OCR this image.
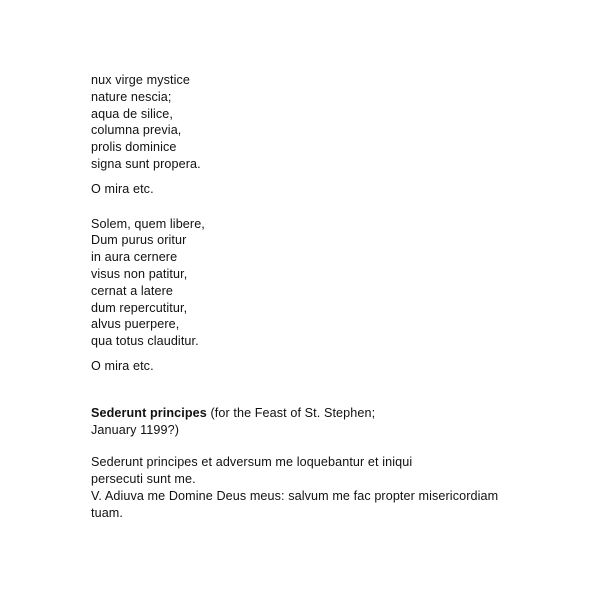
nux virge mystice
nature nescia;
aqua de silice,
columna previa,
prolis dominice
signa sunt propera.
O mira etc.
Solem, quem libere,
Dum purus oritur
in aura cernere
visus non patitur,
cernat a latere
dum repercutitur,
alvus puerpere,
qua totus clauditur.
O mira etc.
Sederunt principes (for the Feast of St. Stephen;
January 1199?)
Sederunt principes et adversum me loquebantur et iniqui
persecuti sunt me.
V. Adiuva me Domine Deus meus: salvum me fac propter misericordiam
tuam.
